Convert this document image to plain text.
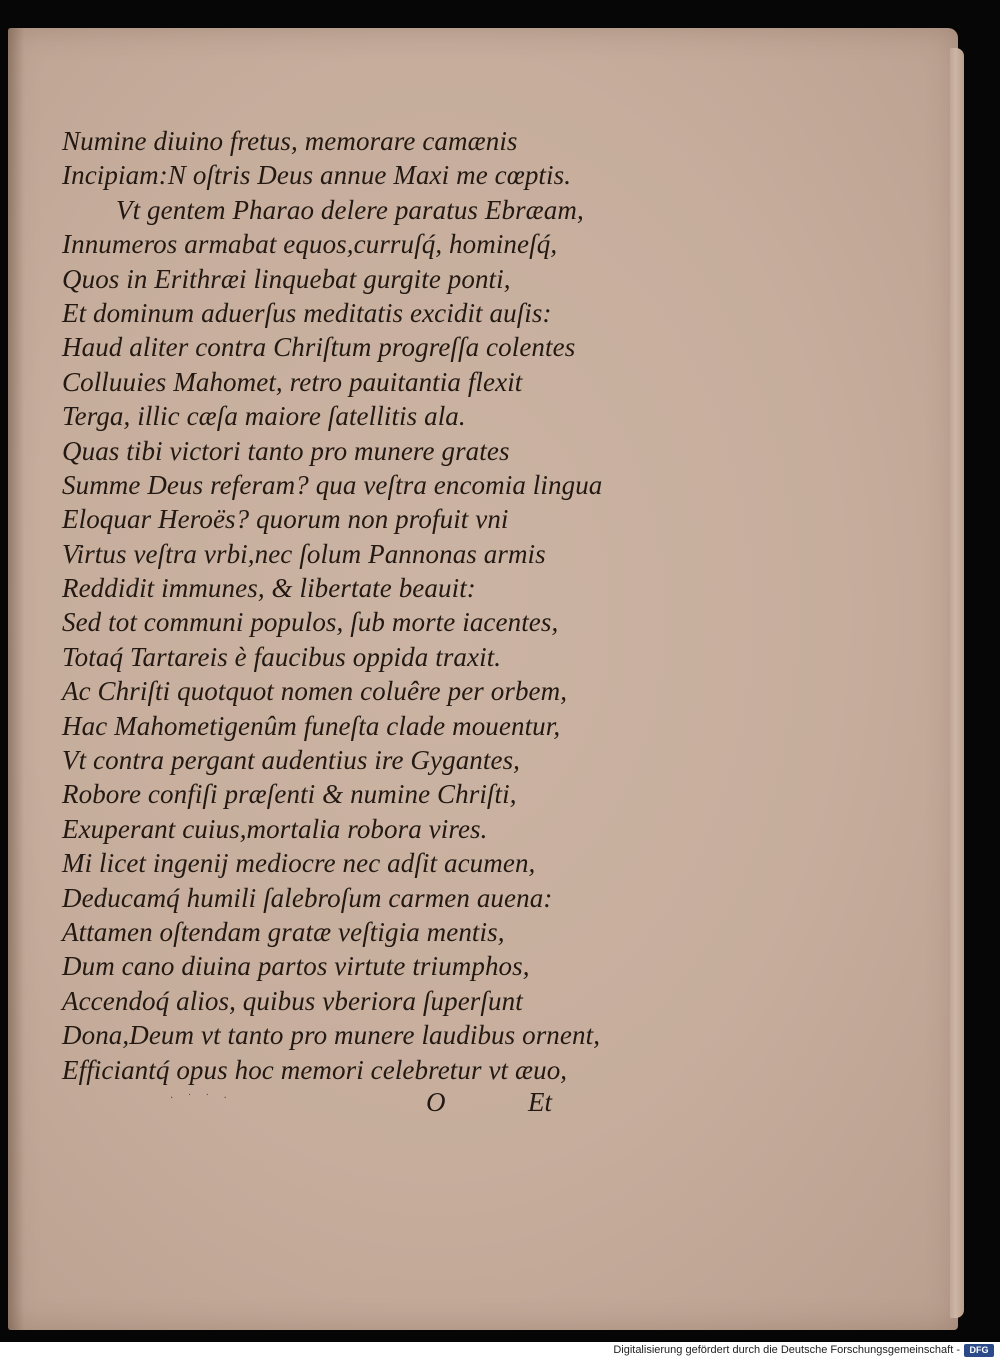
Numine diuino fretus, memorare camænis
Incipiam:N oſtris Deus annue Maxi me cœptis.
Vt gentem Pharao delere paratus Ebræam,
Innumeros armabat equos,curruſq́, homineſq́,
Quos in Erithræi linquebat gurgite ponti,
Et dominum aduerſus meditatis excidit auſis:
Haud aliter contra Chriſtum progreſſa colentes
Colluuies Mahomet, retro pauitantia flexit
Terga, illic cæſa maiore ſatellitis ala.
Quas tibi victori tanto pro munere grates
Summe Deus referam? qua veſtra encomia lingua
Eloquar Heroës? quorum non profuit vni
Virtus veſtra vrbi,nec ſolum Pannonas armis
Reddidit immunes, & libertate beauit:
Sed tot communi populos, ſub morte iacentes,
Totaq́ Tartareis è faucibus oppida traxit.
Ac Chriſti quotquot nomen coluêre per orbem,
Hac Mahometigenûm funeſta clade mouentur,
Vt contra pergant audentius ire Gygantes,
Robore confiſi præſenti & numine Chriſti,
Exuperant cuius,mortalia robora vires.
Mi licet ingenij mediocre nec adſit acumen,
Deducamq́ humili ſalebroſum carmen auena:
Attamen oſtendam gratæ veſtigia mentis,
Dum cano diuina partos virtute triumphos,
Accendoq́ alios, quibus vberiora ſuperſunt
Dona,Deum vt tanto pro munere laudibus ornent,
Efficiantq́ opus hoc memori celebretur vt æuo,
· ˙ ˙ ·	O	Et
Digitalisierung gefördert durch die Deutsche Forschungsgemeinschaft -	DFG
